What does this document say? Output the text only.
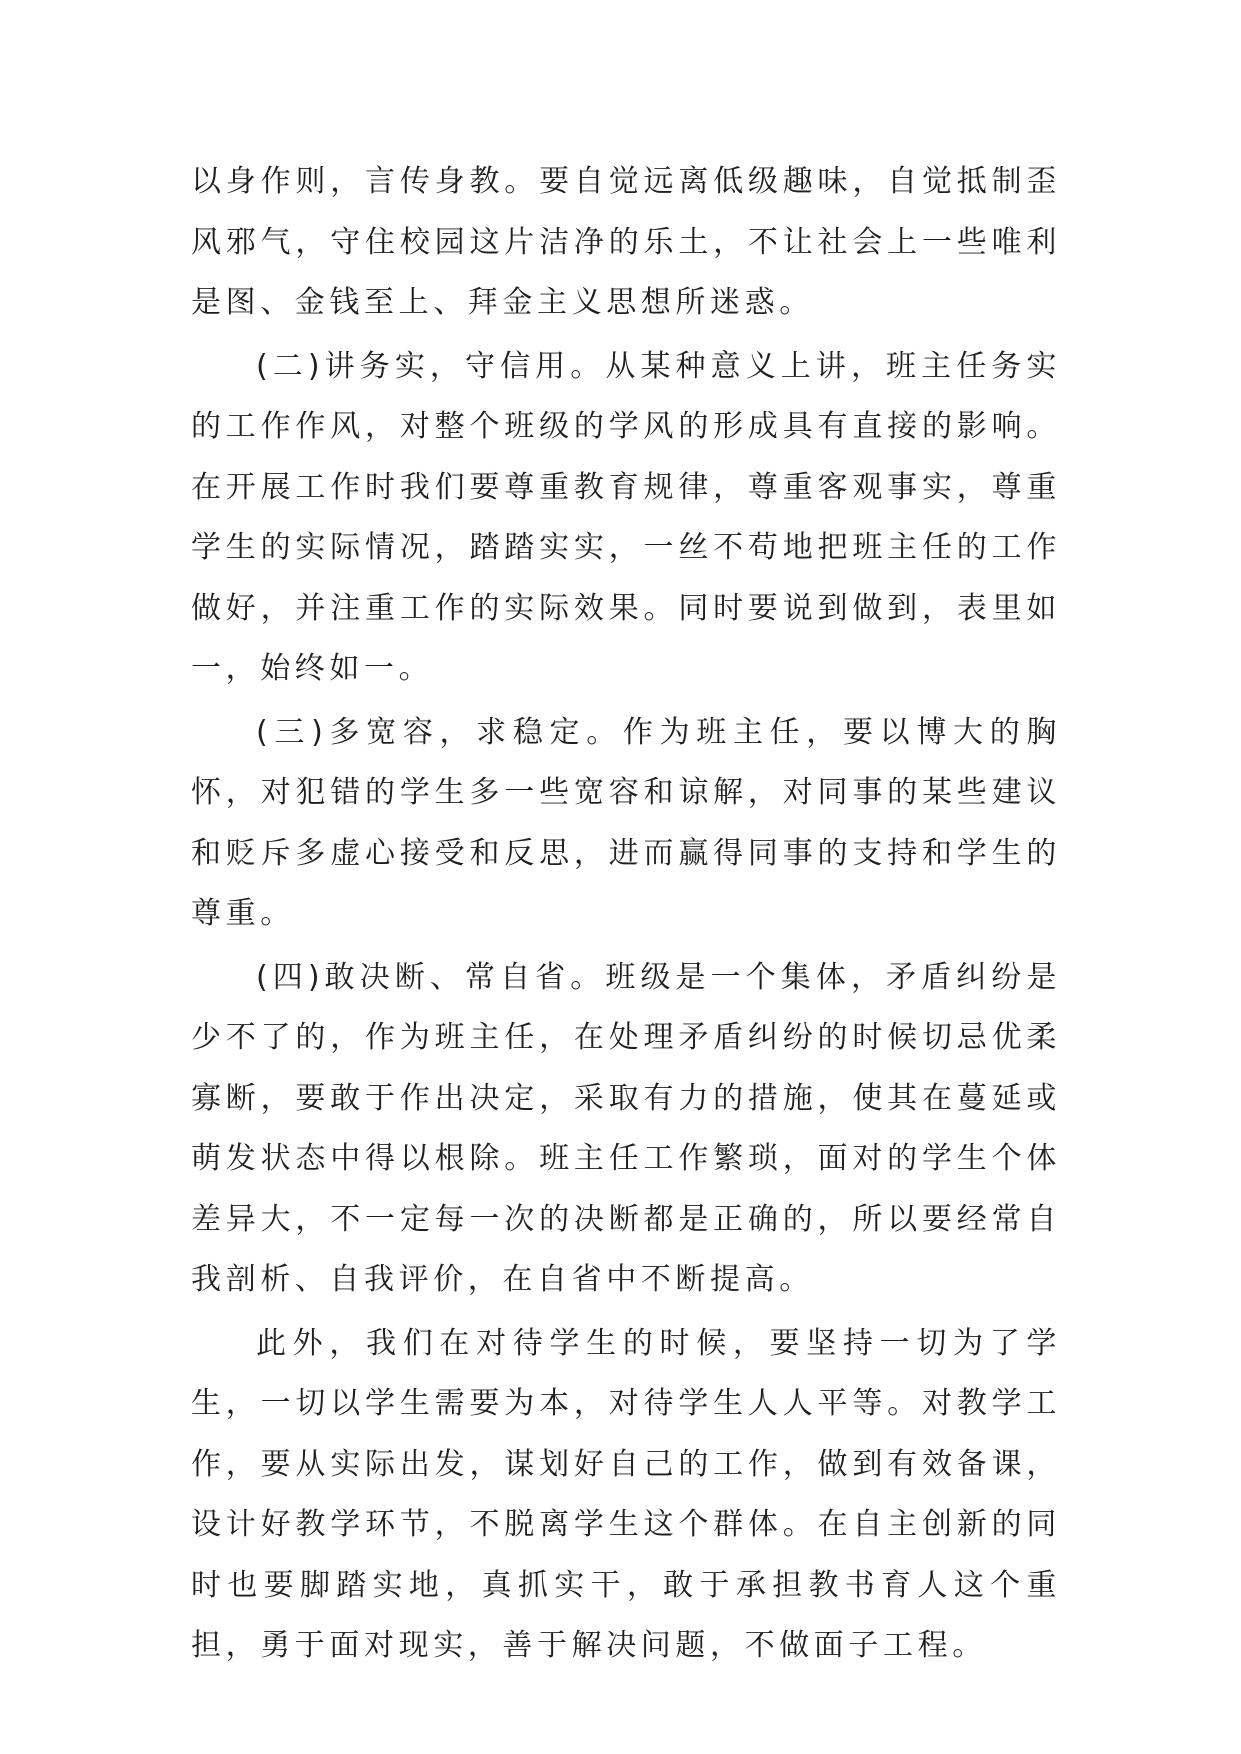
以身作则，言传身教。要自觉远离低级趣味，自觉抵制歪风邪气，守住校园这片洁净的乐土，不让社会上一些唯利是图、金钱至上、拜金主义思想所迷惑。

(二)讲务实，守信用。从某种意义上讲，班主任务实的工作作风，对整个班级的学风的形成具有直接的影响。在开展工作时我们要尊重教育规律，尊重客观事实，尊重学生的实际情况，踏踏实实，一丝不苟地把班主任的工作做好，并注重工作的实际效果。同时要说到做到，表里如一，始终如一。

(三)多宽容，求稳定。作为班主任，要以博大的胸怀，对犯错的学生多一些宽容和谅解，对同事的某些建议和贬斥多虚心接受和反思，进而赢得同事的支持和学生的尊重。

(四)敢决断、常自省。班级是一个集体，矛盾纠纷是少不了的，作为班主任，在处理矛盾纠纷的时候切忌优柔寡断，要敢于作出决定，采取有力的措施，使其在蔓延或萌发状态中得以根除。班主任工作繁琐，面对的学生个体差异大，不一定每一次的决断都是正确的，所以要经常自我剖析、自我评价，在自省中不断提高。

此外，我们在对待学生的时候，要坚持一切为了学生，一切以学生需要为本，对待学生人人平等。对教学工作，要从实际出发，谋划好自己的工作，做到有效备课，设计好教学环节，不脱离学生这个群体。在自主创新的同时也要脚踏实地，真抓实干，敢于承担教书育人这个重担，勇于面对现实，善于解决问题，不做面子工程。
